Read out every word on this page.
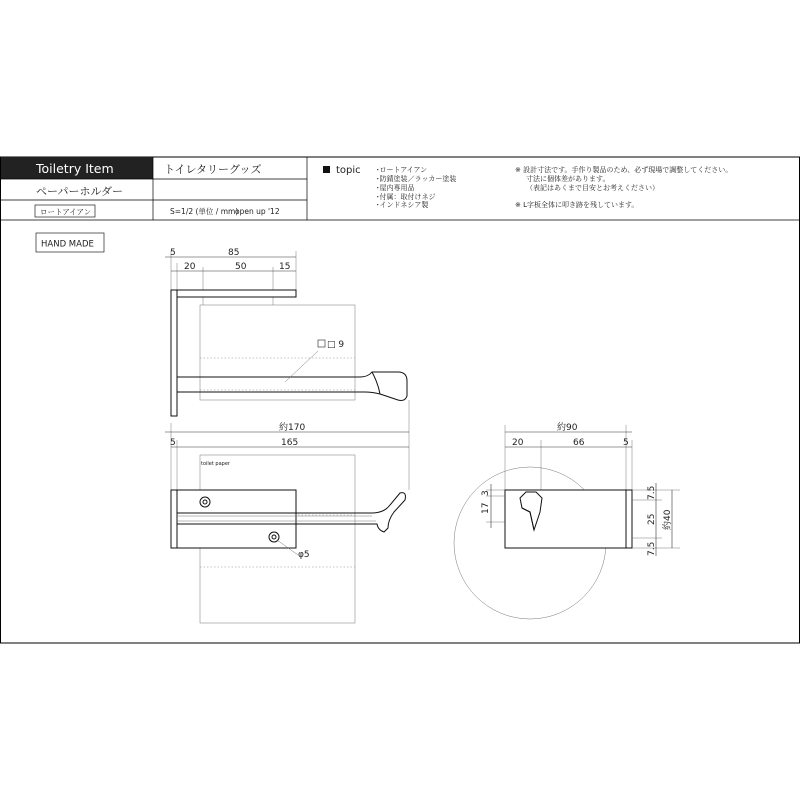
Toiletry Item	トイレタリーグッズ
ペーパーホルダー
ロートアイアン	S=1/2 (単位 / mm)
open up '12
topic ･ロートアイアン
･防錆塗装／ラッカー塗装
･屋内専用品
･付属：取付けネジ
･インドネシア製
※ 設計寸法です。手作り製品のため、必ず現場で調整してください。
寸法に個体差があります。
（表記はあくまで目安とお考えください）
※ L字板全体に叩き跡を残しています。
HAND MADE
5	85
20	50	15
□ 9
約170
5	165
toilet paper
φ5
約90
20	66	5
7.5
25
7.5
約40
3
17
